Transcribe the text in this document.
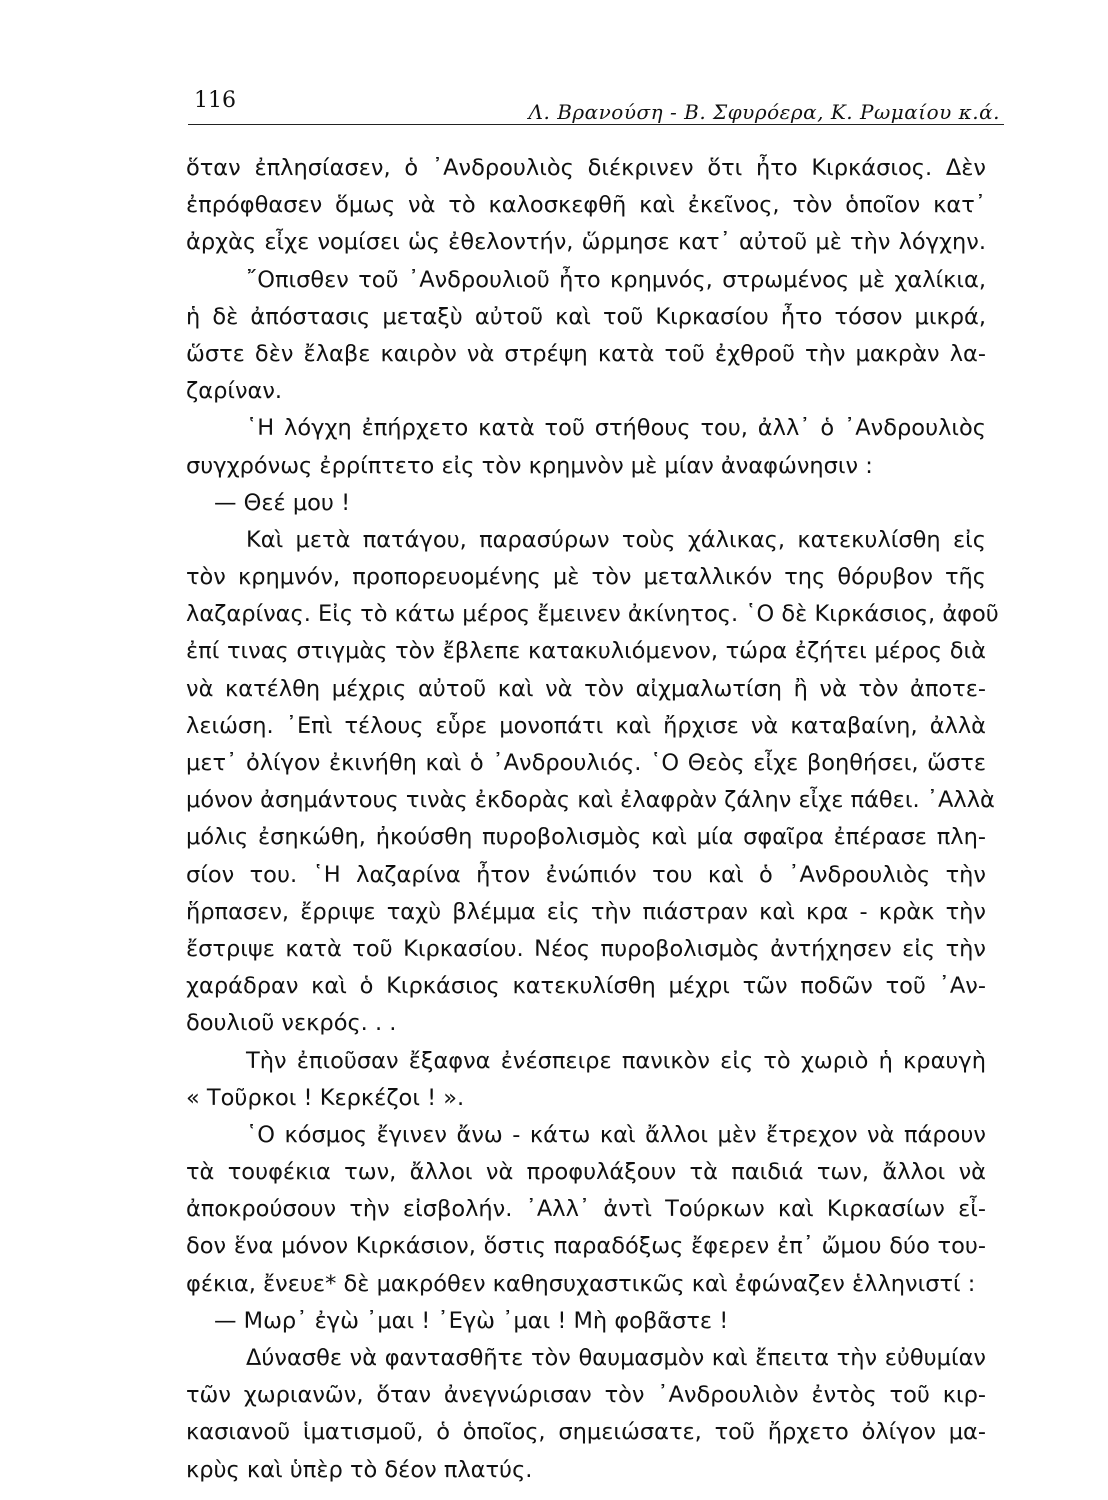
116	Λ. Βρανούση - Β. Σφυρόερα, Κ. Ρωμαίου κ.ά.
ὅταν ἐπλησίασεν, ὁ ᾿Ανδρουλιὸς διέκρινεν ὅτι ἦτο Κιρκάσιος. Δὲν
ἐπρόφθασεν ὅμως νὰ τὸ καλοσκεφθῆ καὶ ἐκεῖνος, τὸν ὁποῖον κατ᾿
ἀρχὰς εἶχε νομίσει ὡς ἐθελοντήν, ὥρμησε κατ᾿ αὐτοῦ μὲ τὴν λόγχην.
῎Οπισθεν τοῦ ᾿Ανδρουλιοῦ ἦτο κρημνός, στρωμένος μὲ χαλίκια,
ἡ δὲ ἀπόστασις μεταξὺ αὐτοῦ καὶ τοῦ Κιρκασίου ἦτο τόσον μικρά,
ὥστε δὲν ἔλαβε καιρὸν νὰ στρέψη κατὰ τοῦ ἐχθροῦ τὴν μακρὰν λα-
ζαρίναν.
῾Η λόγχη ἐπήρχετο κατὰ τοῦ στήθους του, ἀλλ᾿ ὁ ᾿Ανδρουλιὸς
συγχρόνως ἐρρίπτετο εἰς τὸν κρημνὸν μὲ μίαν ἀναφώνησιν :
— Θεέ μου !
Καὶ μετὰ πατάγου, παρασύρων τοὺς χάλικας, κατεκυλίσθη εἰς
τὸν κρημνόν, προπορευομένης μὲ τὸν μεταλλικόν της θόρυβον τῆς
λαζαρίνας. Εἰς τὸ κάτω μέρος ἔμεινεν ἀκίνητος. ῾Ο δὲ Κιρκάσιος, ἀφοῦ
ἐπί τινας στιγμὰς τὸν ἔβλεπε κατακυλιόμενον, τώρα ἐζήτει μέρος διὰ
νὰ κατέλθη μέχρις αὐτοῦ καὶ νὰ τὸν αἰχμαλωτίση ἢ νὰ τὸν ἀποτε-
λειώση. ᾿Επὶ τέλους εὗρε μονοπάτι καὶ ἤρχισε νὰ καταβαίνη, ἀλλὰ
μετ᾿ ὀλίγον ἐκινήθη καὶ ὁ ᾿Ανδρουλιός. ῾Ο Θεὸς εἶχε βοηθήσει, ὥστε
μόνον ἀσημάντους τινὰς ἐκδορὰς καὶ ἐλαφρὰν ζάλην εἶχε πάθει. ᾿Αλλὰ
μόλις ἐσηκώθη, ἠκούσθη πυροβολισμὸς καὶ μία σφαῖρα ἐπέρασε πλη-
σίον του. ῾Η λαζαρίνα ἦτον ἐνώπιόν του καὶ ὁ ᾿Ανδρουλιὸς τὴν
ἥρπασεν, ἔρριψε ταχὺ βλέμμα εἰς τὴν πιάστραν καὶ κρα - κρὰκ τὴν
ἔστριψε κατὰ τοῦ Κιρκασίου. Νέος πυροβολισμὸς ἀντήχησεν εἰς τὴν
χαράδραν καὶ ὁ Κιρκάσιος κατεκυλίσθη μέχρι τῶν ποδῶν τοῦ ᾿Αν-
δουλιοῦ νεκρός. . .
Τὴν ἐπιοῦσαν ἔξαφνα ἐνέσπειρε πανικὸν εἰς τὸ χωριὸ ἡ κραυγὴ
« Τοῦρκοι ! Κερκέζοι ! ».
῾Ο κόσμος ἔγινεν ἄνω - κάτω καὶ ἄλλοι μὲν ἔτρεχον νὰ πάρουν
τὰ τουφέκια των, ἄλλοι νὰ προφυλάξουν τὰ παιδιά των, ἄλλοι νὰ
ἀποκρούσουν τὴν εἰσβολήν. ᾿Αλλ᾿ ἀντὶ Τούρκων καὶ Κιρκασίων εἶ-
δον ἕνα μόνον Κιρκάσιον, ὅστις παραδόξως ἔφερεν ἐπ᾿ ὤμου δύο του-
φέκια, ἔνευε* δὲ μακρόθεν καθησυχαστικῶς καὶ ἐφώναζεν ἑλληνιστί :
— Μωρ᾿ ἐγὼ ᾿μαι ! ᾿Εγὼ ᾿μαι ! Μὴ φοβᾶστε !
Δύνασθε νὰ φαντασθῆτε τὸν θαυμασμὸν καὶ ἔπειτα τὴν εὐθυμίαν
τῶν χωριανῶν, ὅταν ἀνεγνώρισαν τὸν ᾿Ανδρουλιὸν ἐντὸς τοῦ κιρ-
κασιανοῦ ἱματισμοῦ, ὁ ὁποῖος, σημειώσατε, τοῦ ἤρχετο ὀλίγον μα-
κρὺς καὶ ὑπὲρ τὸ δέον πλατύς.
